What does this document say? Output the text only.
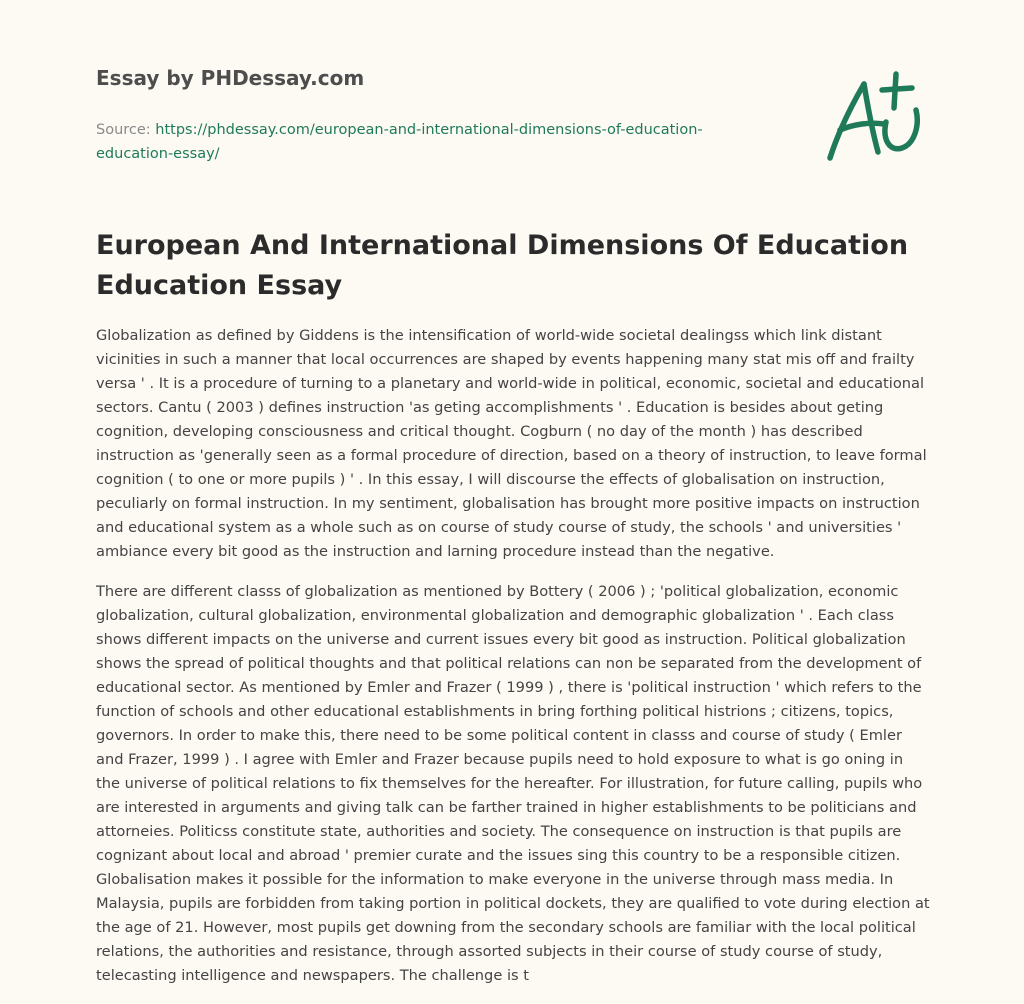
Essay by PHDessay.com
Source: https://phdessay.com/european-and-international-dimensions-of-education-education-essay/
European And International Dimensions Of Education Education Essay

Globalization as defined by Giddens is the intensification of world-wide societal dealingss which link distant vicinities in such a manner that local occurrences are shaped by events happening many stat mis off and frailty versa ' . It is a procedure of turning to a planetary and world-wide in political, economic, societal and educational sectors. Cantu ( 2003 ) defines instruction 'as geting accomplishments ' . Education is besides about geting cognition, developing consciousness and critical thought. Cogburn ( no day of the month ) has described instruction as 'generally seen as a formal procedure of direction, based on a theory of instruction, to leave formal cognition ( to one or more pupils ) ' . In this essay, I will discourse the effects of globalisation on instruction, peculiarly on formal instruction. In my sentiment, globalisation has brought more positive impacts on instruction and educational system as a whole such as on course of study course of study, the schools ' and universities ' ambiance every bit good as the instruction and larning procedure instead than the negative.

There are different classs of globalization as mentioned by Bottery ( 2006 ) ; 'political globalization, economic globalization, cultural globalization, environmental globalization and demographic globalization ' . Each class shows different impacts on the universe and current issues every bit good as instruction. Political globalization shows the spread of political thoughts and that political relations can non be separated from the development of educational sector. As mentioned by Emler and Frazer ( 1999 ) , there is 'political instruction ' which refers to the function of schools and other educational establishments in bring forthing political histrions ; citizens, topics, governors. In order to make this, there need to be some political content in classs and course of study ( Emler and Frazer, 1999 ) . I agree with Emler and Frazer because pupils need to hold exposure to what is go oning in the universe of political relations to fix themselves for the hereafter. For illustration, for future calling, pupils who are interested in arguments and giving talk can be farther trained in higher establishments to be politicians and attorneies. Politicss constitute state, authorities and society. The consequence on instruction is that pupils are cognizant about local and abroad ' premier curate and the issues sing this country to be a responsible citizen. Globalisation makes it possible for the information to make everyone in the universe through mass media. In Malaysia, pupils are forbidden from taking portion in political dockets, they are qualified to vote during election at the age of 21. However, most pupils get downing from the secondary schools are familiar with the local political relations, the authorities and resistance, through assorted subjects in their course of study course of study, telecasting intelligence and newspapers. The challenge is t
